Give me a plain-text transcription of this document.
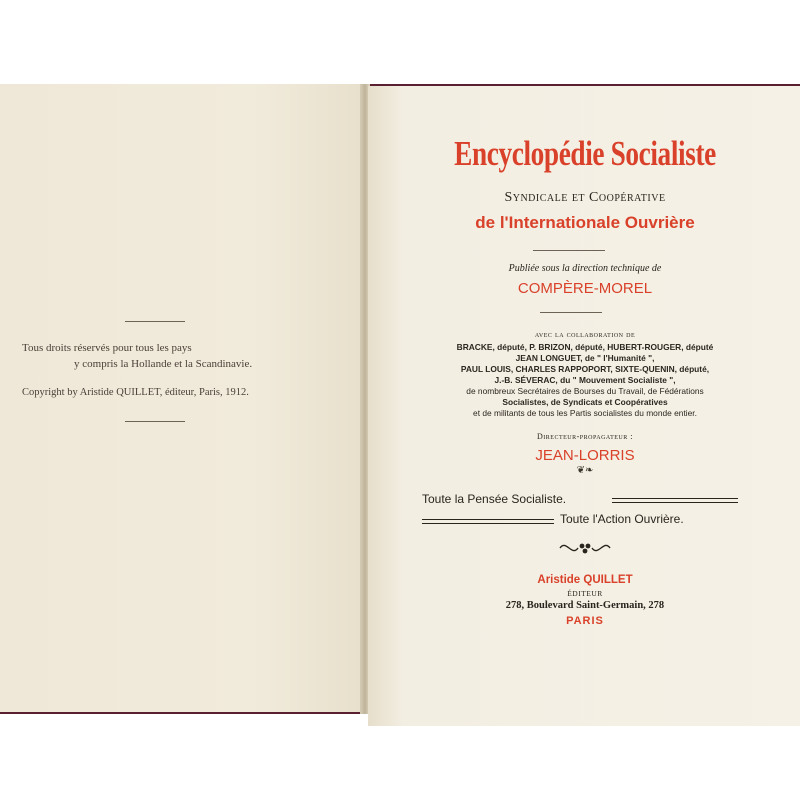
Tous droits réservés pour tous les pays
y compris la Hollande et la Scandinavie.
Copyright by Aristide QUILLET, éditeur, Paris, 1912.
Encyclopédie Socialiste
Syndicale et Coopérative
de l'Internationale Ouvrière
Publiée sous la direction technique de
COMPÈRE-MOREL
avec la collaboration de
BRACKE, député, P. BRIZON, député, HUBERT-ROUGER, député
JEAN LONGUET, de " l'Humanité ",
PAUL LOUIS, CHARLES RAPPOPORT, SIXTE-QUENIN, député,
J.-B. SÉVERAC, du " Mouvement Socialiste ",
de nombreux Secrétaires de Bourses du Travail, de Fédérations
Socialistes, de Syndicats et Coopératives
et de militants de tous les Partis socialistes du monde entier.
Directeur-propagateur :
JEAN-LORRIS
❦❧
Toute la Pensée Socialiste.
Toute l'Action Ouvrière.
Aristide QUILLET
ÉDITEUR
278, Boulevard Saint-Germain, 278
PARIS
